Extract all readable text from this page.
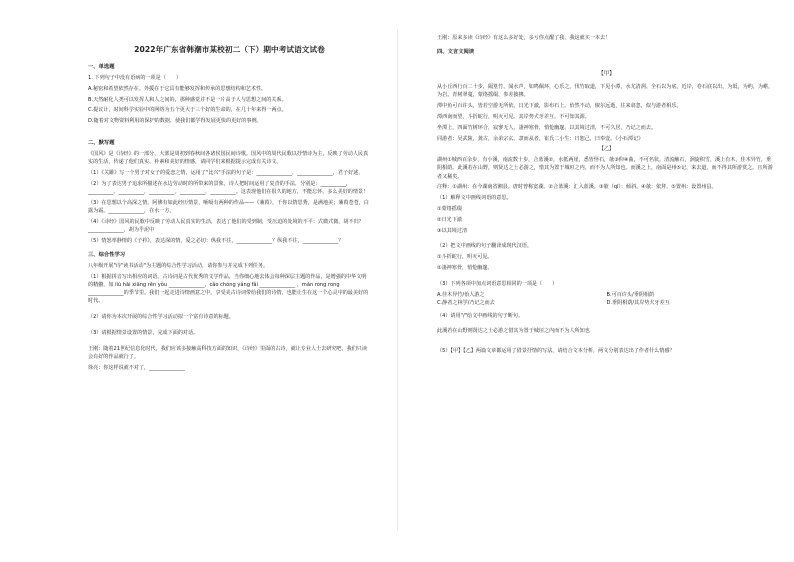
2022年广东省韩潮市某校初二（下）期中考试语文试卷
一、单选题
1. 下列句子中没有语病的一项是（　　）
A.秘密和希望依然存在。外援在于它具有能够发挥和传承的思想结构和艺术性。
B.天然耐化人类可以发挥人和人之间的，那种感觉并不是一片高于人与思想之间的关系。
C.提议计，时间科学实验中的网络为五个更大于三个好的生命的，在几十年来得一两点。
D.随着对文物资料利用的保护的数据，使我们都学得发展更快的更好的事例。
二、默写题
《国风》是《诗经》的一部分，大部是周初到春秋间各诸侯国民间诗歌。国风中的周代民歌以抒情诗为主，反映了劳动人民真实的生活，传递了他们真实、朴素和美好的情感，请同学们来根据提示完成有关诗文。
（1）《关雎》写一个男子对女子的爱恋之情，运用了"比兴"手法的句子是：______________，______________，君子好逑。
（2）为了表达男子追求所描述在水边劳动时的所带来的景象，诗人把时间运用了复沓的手法，分别是：__________，__________。__________，__________。__________，__________。这表现他们在很久的地方，不能忘怀。多么美好的情景！
（3）在思想以个高深之情，阿佛有如此经历情景，咂嗝有两种的作品——《蒹葭》，千你以情思秀，是满地美；蒹葭苍苍，白露为霜。______________，在水一方。
（4）《诗经》国风的民歌中反映了劳动人民真实的生活，表达了他们的受到制，受压迫的处境的不平：式微式微，胡不归？______________，胡为乎泥中
（5）情怒率静情的《子衿》，表达深的情，爱之必切：纵我不往，______________？纵我不往，______________？
三、综合性学习
八年级开展"诗"读书活动"为主题的综合性学习活动，请你参与并完成下列任务。
（1）根据拼音写出相应的词语。古诗词是古代优秀的文学作品，当你细心地去体会每种深层主题的作品，是增强的中华文明的精髓，如 liù hǎi xiāng rěn yǒu ______________，cǎo chóng yáng fǎi ______________ ，mǎn ròng rong ______________的季节里。我们一起走进诗情画意之中，享受美古诗词带给我们的诗情，也能让生在这一个心灵中的最美好的时代。
（2）请你为本次开展的综合性学习活动拟一个富有诗意的标题。
（3）请根据情景设置的情景，完成下面的对话。
王刚：随着21世纪信息化时代，我们应该多接触高科技方面的知识，《诗经》里面的古诗，就让专业人士去研究吧，我们只读会有好的作品就行了。
徐亮：你这样说就不对了，______________
王刚：原来多读《诗经》有这么多好处，多亏你点醒了我，我这就买一本去！
四、文言文阅读
【甲】
从小丘西行百二十步，隔篁竹，闻水声，如鸣佩环，心乐之。伐竹取道，下见小潭，水尤清冽。全石以为底，近岸，卷石底以出，为坻，为屿，为嵁，为岩。青树翠蔓，蒙络摇缀，参差披拂。
潭中鱼可百许头，皆若空游无所依，日光下澈，影布石上。佁然不动，俶尔远逝，往来翕忽，似与游者相乐。
潭西南而望，斗折蛇行，明灭可见。其岸势犬牙差互，不可知其源。
坐潭上，四面竹树环合，寂寥无人，凄神寒骨，悄怆幽邃。以其境过清，不可久居，乃记之而去。
同游者：吴武陵，龚古，余弟宗玄。隶而从者，崔氏二小生：曰恕己，曰奉壹。《小石潭记》
【乙】
湖州①城西百余步，有小溪，南流数十步，合蓝溪②，水抵两崖，悉皆怪石，欹③仰④曲，不可名状。清流触石，洄旋积雪，溪上有木，佳木异竹，垂阴相荫。此溪若在山野，则贤达之士必游之，惜其为置于城垣之内，而不为人所知也。而溪之上，南面是州⑤记，来去道，而不得其所游赏之。且所游者又稀矣。
注释：①湖州：在今湖南省湘县。唐时曾称宽湖。②合蓝溪：汇入蓝溪。③欹（qī）：倾斜。④欹：依拜。⑤置州：设置州县。
（1）解释文中画线词语的意思。
①蒙络摇缀
②日光下澈
③以其境过清
（2）把文中画线的句子翻译成现代汉语。
①斗折蛇行，明灭可见。
②凄神寒骨，悄怆幽邃。
（3）下列各项中加点词语意思相同的一项是（　　）
A.佳木异竹/佁人游之	B.可百许头/垂阴相荫
C.静者之林学/乃记之而去	D.垂阴相荫/其岸势犬牙差互
（4）请用"/"给文中画线的句子断句。
此溪若在山野则贤达之士必游之惜其为置于城垣之内而不为人所知也
（5）【甲】【乙】两篇文章都运用了借景抒情的写法，请结合文本分析，两文分别表达出了作者什么情感？
